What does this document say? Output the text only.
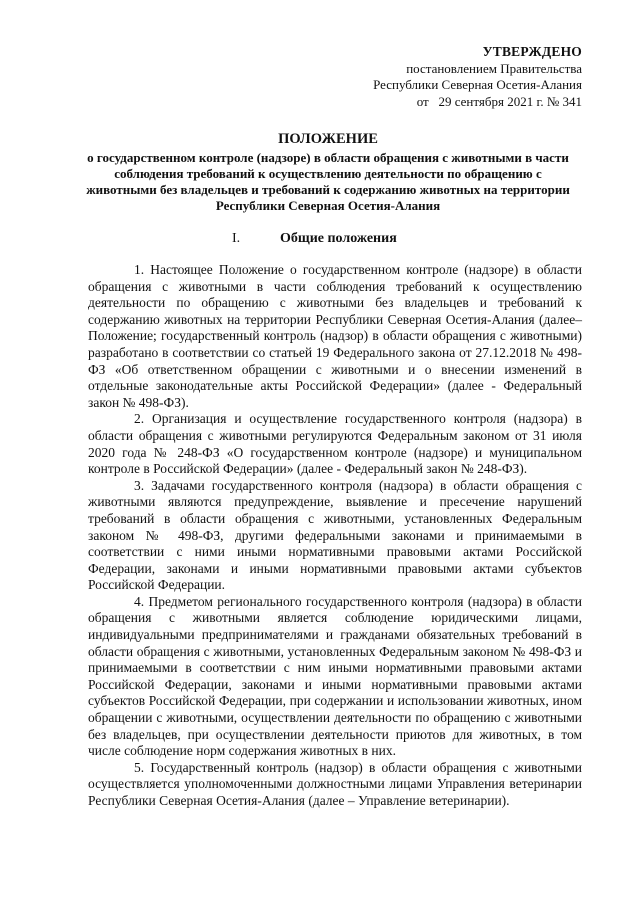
УТВЕРЖДЕНО
постановлением Правительства
Республики Северная Осетия-Алания
от   29 сентября 2021 г. № 341
ПОЛОЖЕНИЕ
о государственном контроле (надзоре) в области обращения с животными в части соблюдения требований к осуществлению деятельности по обращению с животными без владельцев и требований к содержанию животных на территории Республики Северная Осетия-Алания
I.	Общие положения

1. Настоящее Положение о государственном контроле (надзоре) в области обращения с животными в части соблюдения требований к осуществлению деятельности по обращению с животными без владельцев и требований к содержанию животных на территории Республики Северная Осетия-Алания (далее– Положение; государственный контроль (надзор) в области обращения с животными) разработано в соответствии со статьей 19 Федерального закона от 27.12.2018 № 498-ФЗ «Об ответственном обращении с животными и о внесении изменений в отдельные законодательные акты Российской Федерации» (далее - Федеральный закон № 498-ФЗ).

2. Организация и осуществление государственного контроля (надзора) в области обращения с животными регулируются Федеральным законом от 31 июля 2020 года № 248-ФЗ «О государственном контроле (надзоре) и муниципальном контроле в Российской Федерации» (далее - Федеральный закон № 248-ФЗ).

3. Задачами государственного контроля (надзора) в области обращения с животными являются предупреждение, выявление и пресечение нарушений требований в области обращения с животными, установленных Федеральным законом № 498-ФЗ, другими федеральными законами и принимаемыми в соответствии с ними иными нормативными правовыми актами Российской Федерации, законами и иными нормативными правовыми актами субъектов Российской Федерации.

4. Предметом регионального государственного контроля (надзора) в области обращения с животными является соблюдение юридическими лицами, индивидуальными предпринимателями и гражданами обязательных требований в области обращения с животными, установленных Федеральным законом № 498-ФЗ и принимаемыми в соответствии с ним иными нормативными правовыми актами Российской Федерации, законами и иными нормативными правовыми актами субъектов Российской Федерации, при содержании и использовании животных, ином обращении с животными, осуществлении деятельности по обращению с животными без владельцев, при осуществлении деятельности приютов для животных, в том числе соблюдение норм содержания животных в них.

5. Государственный контроль (надзор) в области обращения с животными осуществляется уполномоченными должностными лицами Управления ветеринарии Республики Северная Осетия-Алания (далее – Управление ветеринарии).
